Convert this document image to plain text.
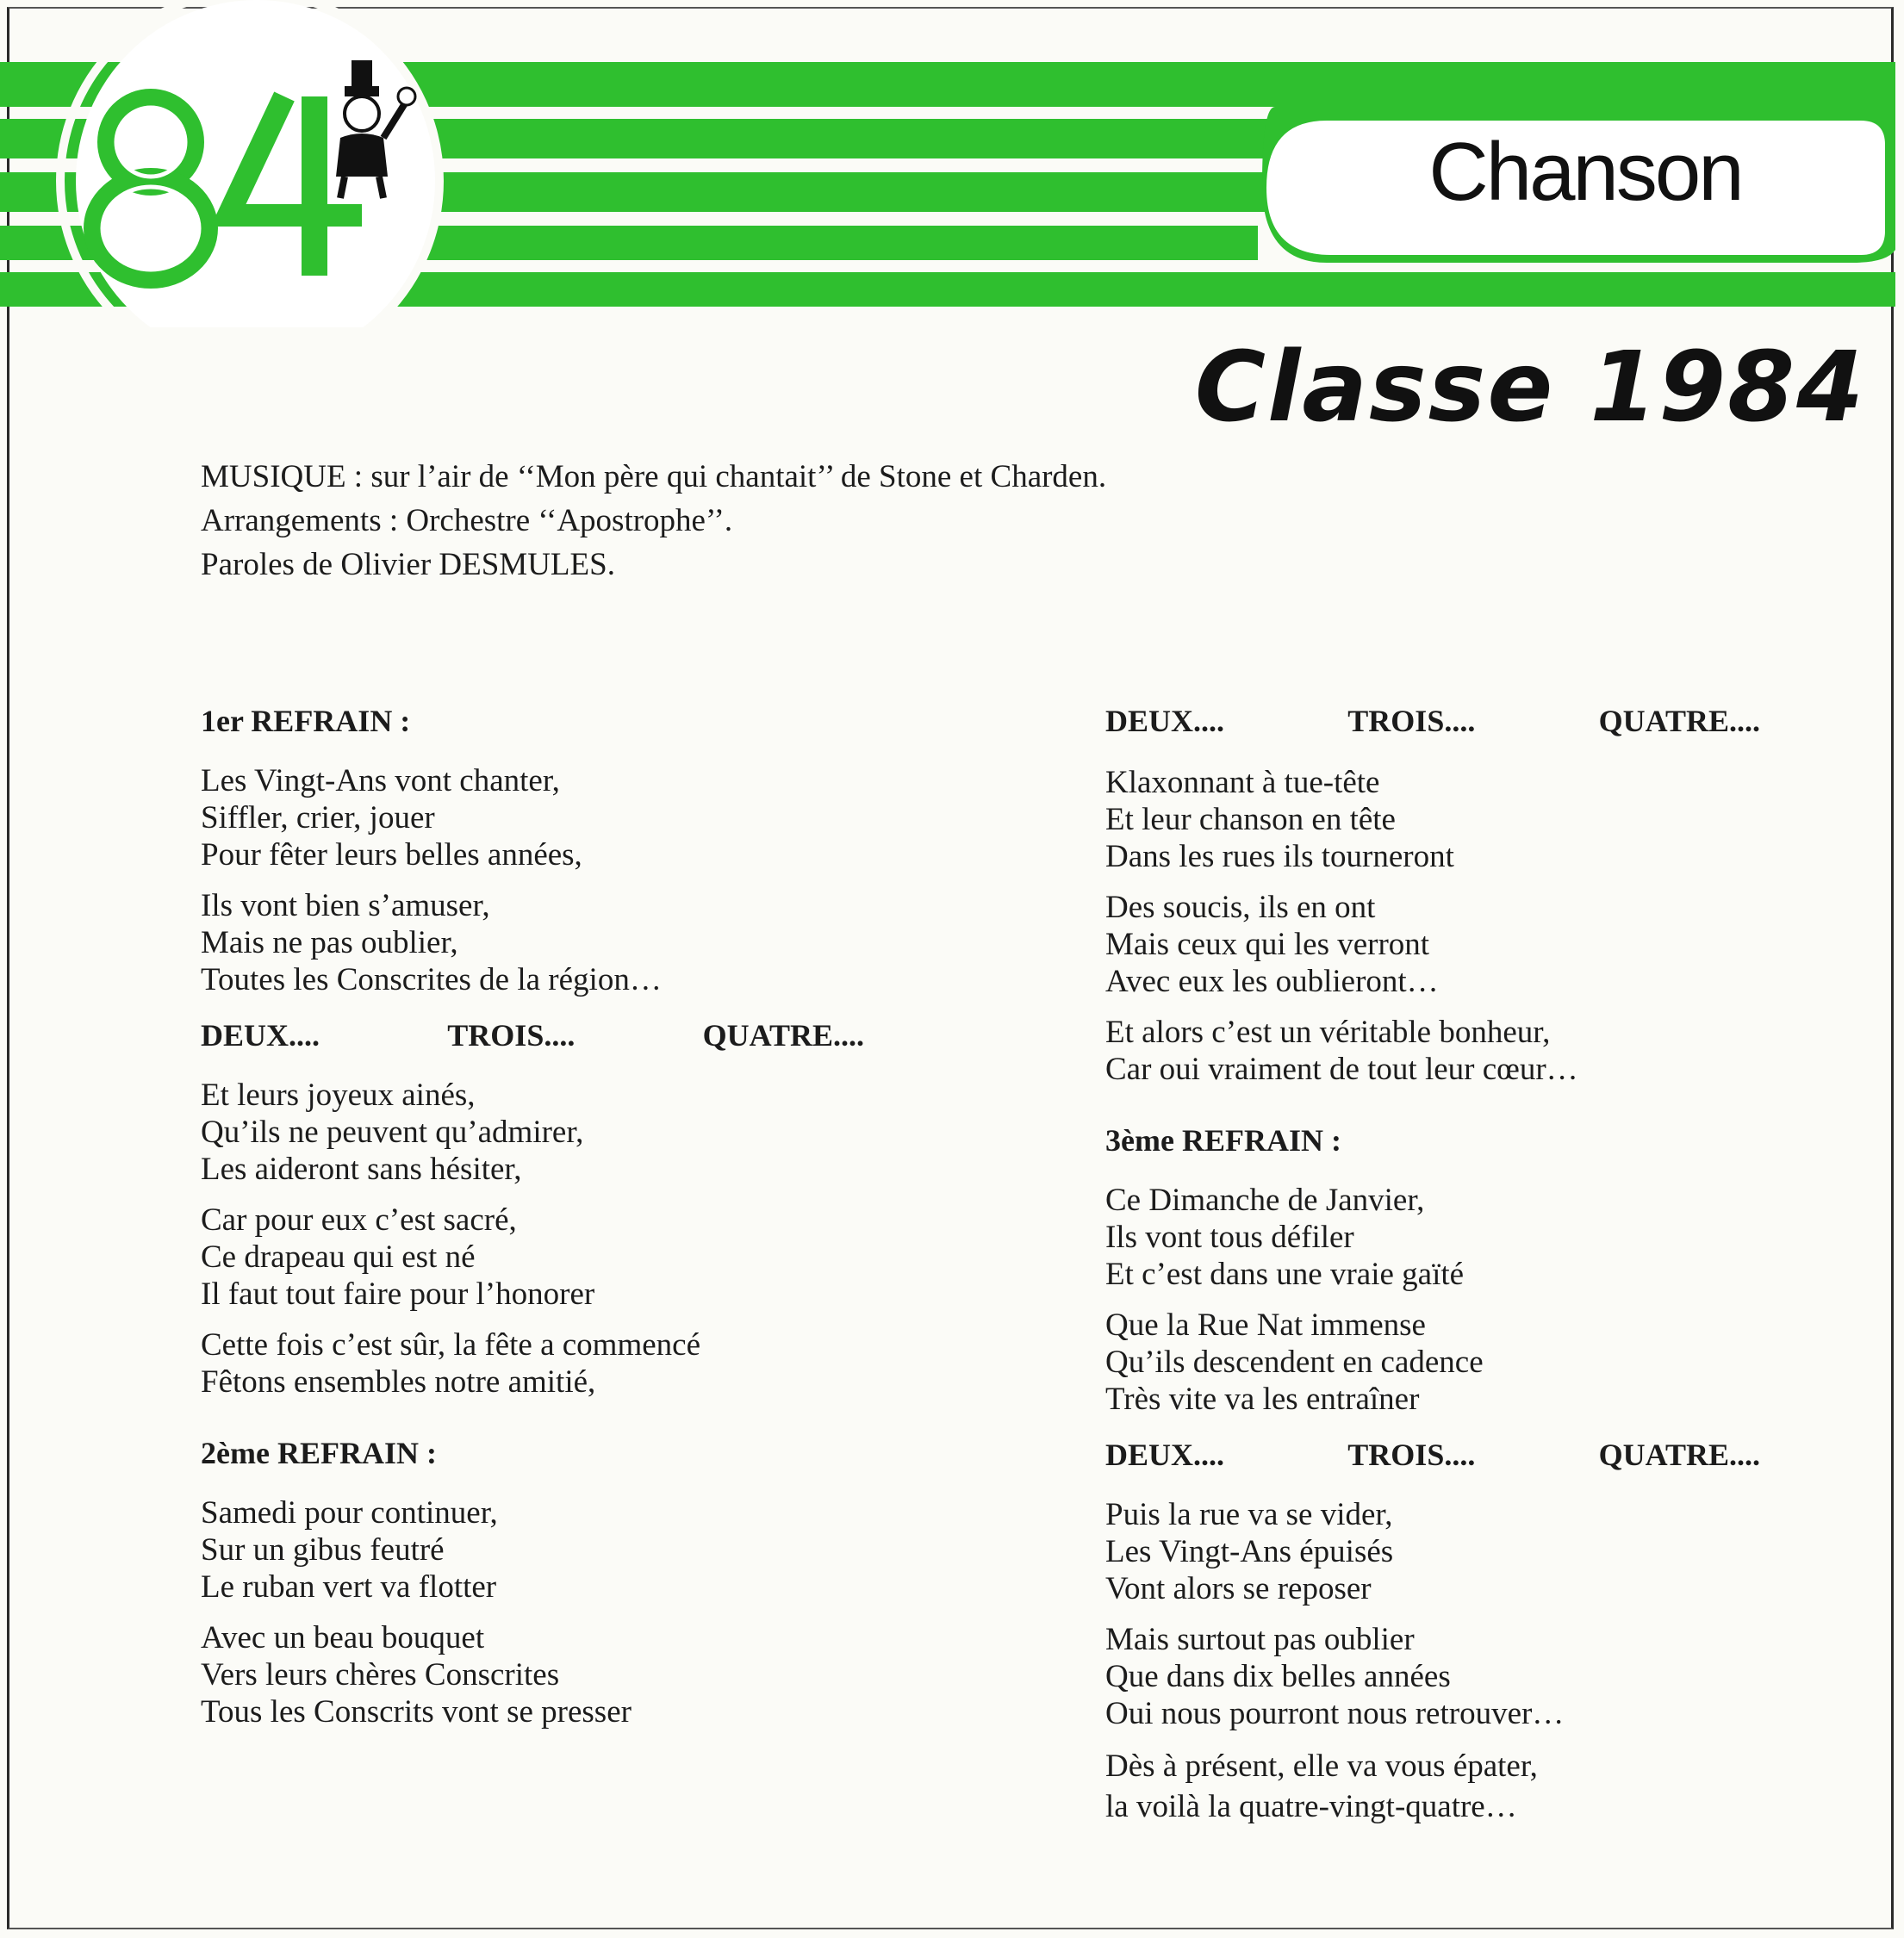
Chanson
Classe 1984
MUSIQUE : sur l’air de ‘‘Mon père qui chantait’’ de Stone et Charden.
Arrangements : Orchestre ‘‘Apostrophe’’.
Paroles de Olivier DESMULES.
1er REFRAIN :
Les Vingt-Ans vont chanter,
Siffler, crier, jouer
Pour fêter leurs belles années,
Ils vont bien s’amuser,
Mais ne pas oublier,
Toutes les Conscrites de la région…
DEUX....	TROIS....	QUATRE....
Et leurs joyeux ainés,
Qu’ils ne peuvent qu’admirer,
Les aideront sans hésiter,
Car pour eux c’est sacré,
Ce drapeau qui est né
Il faut tout faire pour l’honorer
Cette fois c’est sûr, la fête a commencé
Fêtons ensembles notre amitié,
2ème REFRAIN :
Samedi pour continuer,
Sur un gibus feutré
Le ruban vert va flotter
Avec un beau bouquet
Vers leurs chères Conscrites
Tous les Conscrits vont se presser
DEUX....	TROIS....	QUATRE....
Klaxonnant à tue-tête
Et leur chanson en tête
Dans les rues ils tourneront
Des soucis, ils en ont
Mais ceux qui les verront
Avec eux les oublieront…
Et alors c’est un véritable bonheur,
Car oui vraiment de tout leur cœur…
3ème REFRAIN :
Ce Dimanche de Janvier,
Ils vont tous défiler
Et c’est dans une vraie gaïté
Que la Rue Nat immense
Qu’ils descendent en cadence
Très vite va les entraîner
DEUX....	TROIS....	QUATRE....
Puis la rue va se vider,
Les Vingt-Ans épuisés
Vont alors se reposer
Mais surtout pas oublier
Que dans dix belles années
Oui nous pourront nous retrouver…
Dès à présent, elle va vous épater,
la voilà la quatre-vingt-quatre…
